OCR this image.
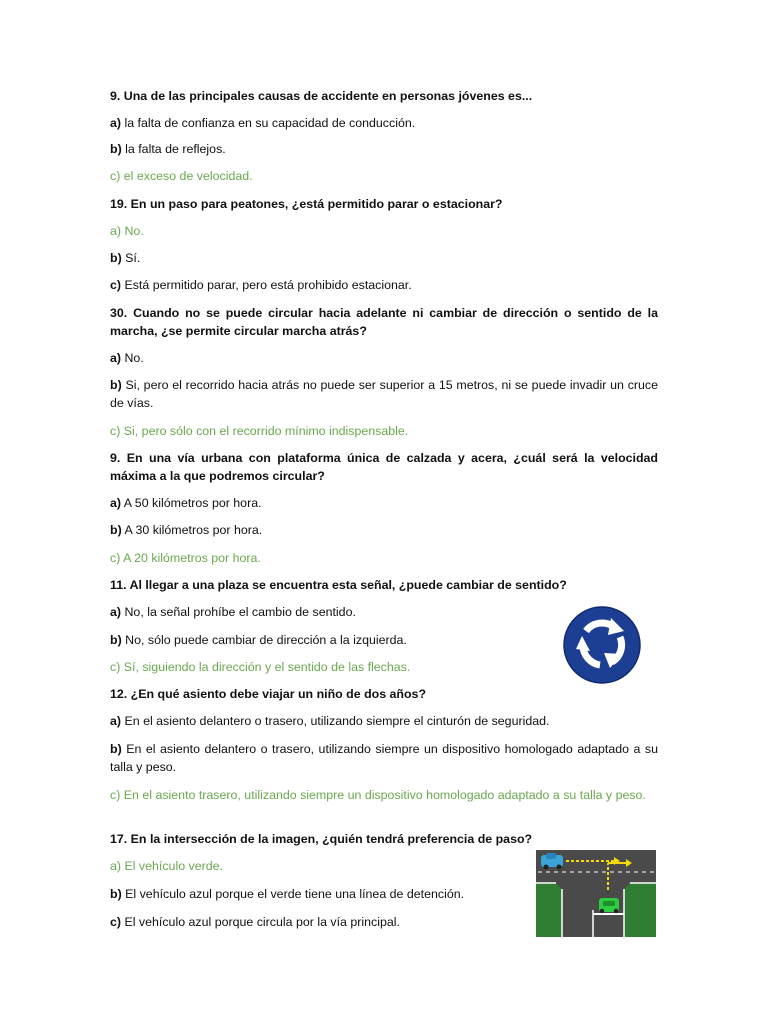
9. Una de las principales causas de accidente en personas jóvenes es...

a) la falta de confianza en su capacidad de conducción.

b) la falta de reflejos.

c) el exceso de velocidad.

19. En un paso para peatones, ¿está permitido parar o estacionar?

a) No.

b) Sí.

c) Está permitido parar, pero está prohibido estacionar.

30. Cuando no se puede circular hacia adelante ni cambiar de dirección o sentido de la marcha, ¿se permite circular marcha atrás?

a) No.

b) Si, pero el recorrido hacia atrás no puede ser superior a 15 metros, ni se puede invadir un cruce de vías.

c) Si, pero sólo con el recorrido mínimo indispensable.

9. En una vía urbana con plataforma única de calzada y acera, ¿cuál será la velocidad máxima a la que podremos circular?

a) A 50 kilómetros por hora.

b) A 30 kilómetros por hora.

c) A 20 kilómetros por hora.

11. Al llegar a una plaza se encuentra esta señal, ¿puede cambiar de sentido?

a) No, la señal prohíbe el cambio de sentido.

b) No, sólo puede cambiar de dirección a la izquierda.

c) Sí, siguiendo la dirección y el sentido de las flechas.

12. ¿En qué asiento debe viajar un niño de dos años?

a) En el asiento delantero o trasero, utilizando siempre el cinturón de seguridad.

b) En el asiento delantero o trasero, utilizando siempre un dispositivo homologado adaptado a su talla y peso.

c) En el asiento trasero, utilizando siempre un dispositivo homologado adaptado a su talla y peso.

17. En la intersección de la imagen, ¿quién tendrá preferencia de paso?

a) El vehículo verde.

b) El vehículo azul porque el verde tiene una línea de detención.

c) El vehículo azul porque circula por la vía principal.
